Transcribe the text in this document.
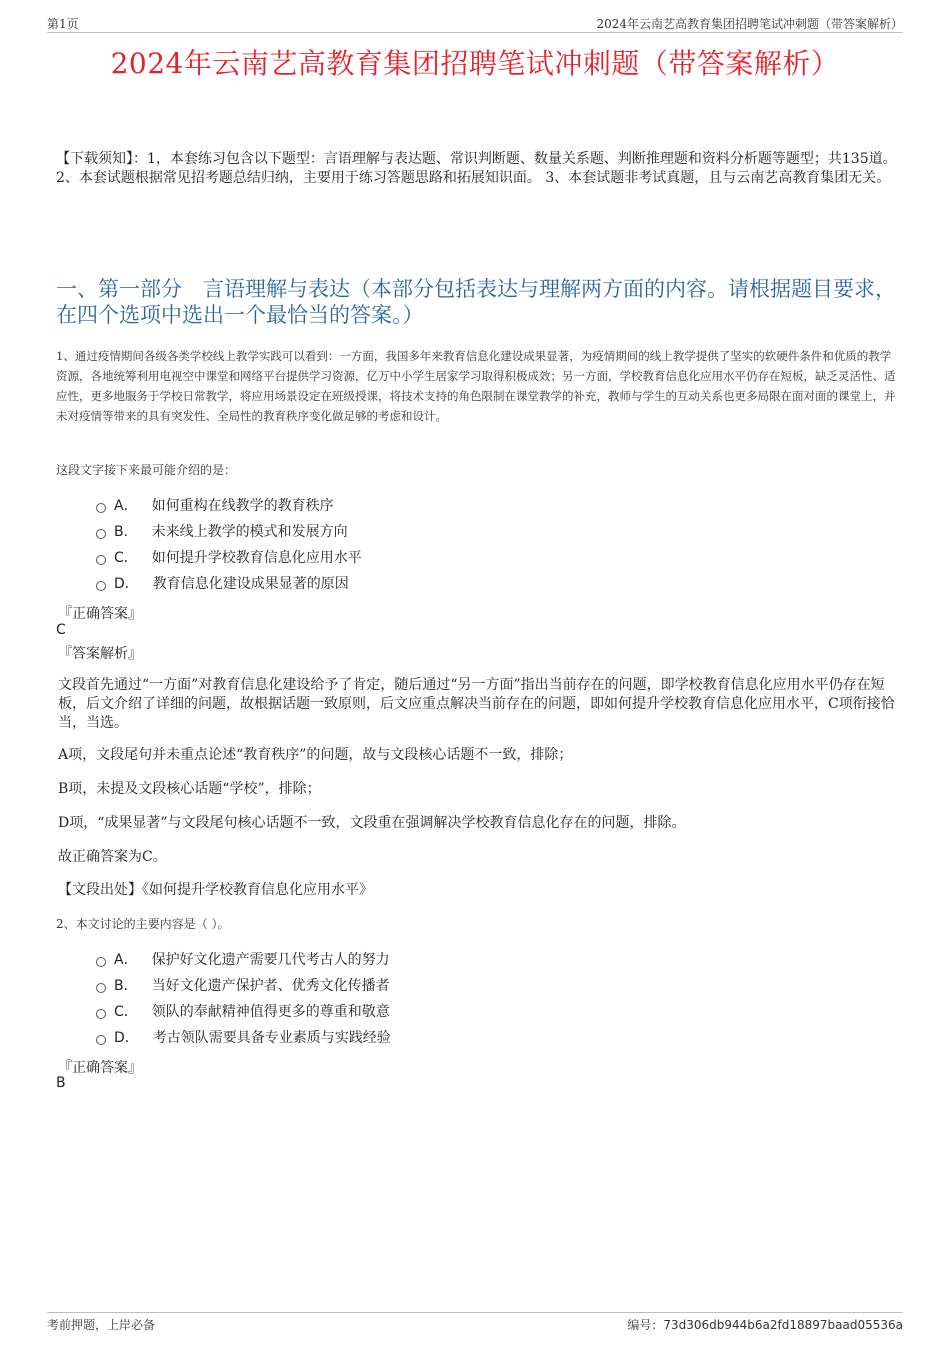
第1页	2024年云南艺高教育集团招聘笔试冲刺题（带答案解析）
2024年云南艺高教育集团招聘笔试冲刺题（带答案解析）
【下载须知】：1，本套练习包含以下题型：言语理解与表达题、常识判断题、数量关系题、判断推理题和资料分析题等题型；共135道。 2、本套试题根据常见招考题总结归纳，主要用于练习答题思路和拓展知识面。 3、本套试题非考试真题，且与云南艺高教育集团无关。
一、第一部分　言语理解与表达（本部分包括表达与理解两方面的内容。请根据题目要求，在四个选项中选出一个最恰当的答案。）
1、通过疫情期间各级各类学校线上教学实践可以看到：一方面，我国多年来教育信息化建设成果显著，为疫情期间的线上教学提供了坚实的软硬件条件和优质的教学资源，各地统筹利用电视空中课堂和网络平台提供学习资源，亿万中小学生居家学习取得积极成效；另一方面，学校教育信息化应用水平仍存在短板，缺乏灵活性、适应性，更多地服务于学校日常教学，将应用场景设定在班级授课，将技术支持的角色限制在课堂教学的补充，教师与学生的互动关系也更多局限在面对面的课堂上，并未对疫情等带来的具有突发性、全局性的教育秩序变化做足够的考虑和设计。
这段文字接下来最可能介绍的是：
A． 如何重构在线教学的教育秩序
B． 未来线上教学的模式和发展方向
C． 如何提升学校教育信息化应用水平
D． 教育信息化建设成果显著的原因
『正确答案』
C
『答案解析』
文段首先通过“一方面”对教育信息化建设给予了肯定，随后通过“另一方面”指出当前存在的问题，即学校教育信息化应用水平仍存在短板，后文介绍了详细的问题，故根据话题一致原则，后文应重点解决当前存在的问题，即如何提升学校教育信息化应用水平，C项衔接恰当，当选。
A项，文段尾句并未重点论述“教育秩序”的问题，故与文段核心话题不一致，排除；
B项，未提及文段核心话题“学校”，排除；
D项，“成果显著”与文段尾句核心话题不一致，文段重在强调解决学校教育信息化存在的问题，排除。
故正确答案为C。
【文段出处】《如何提升学校教育信息化应用水平》
2、本文讨论的主要内容是（ ）。
A． 保护好文化遗产需要几代考古人的努力
B． 当好文化遗产保护者、优秀文化传播者
C． 领队的奉献精神值得更多的尊重和敬意
D． 考古领队需要具备专业素质与实践经验
『正确答案』
B
考前押题，上岸必备	编号：73d306db944b6a2fd18897baad05536a
